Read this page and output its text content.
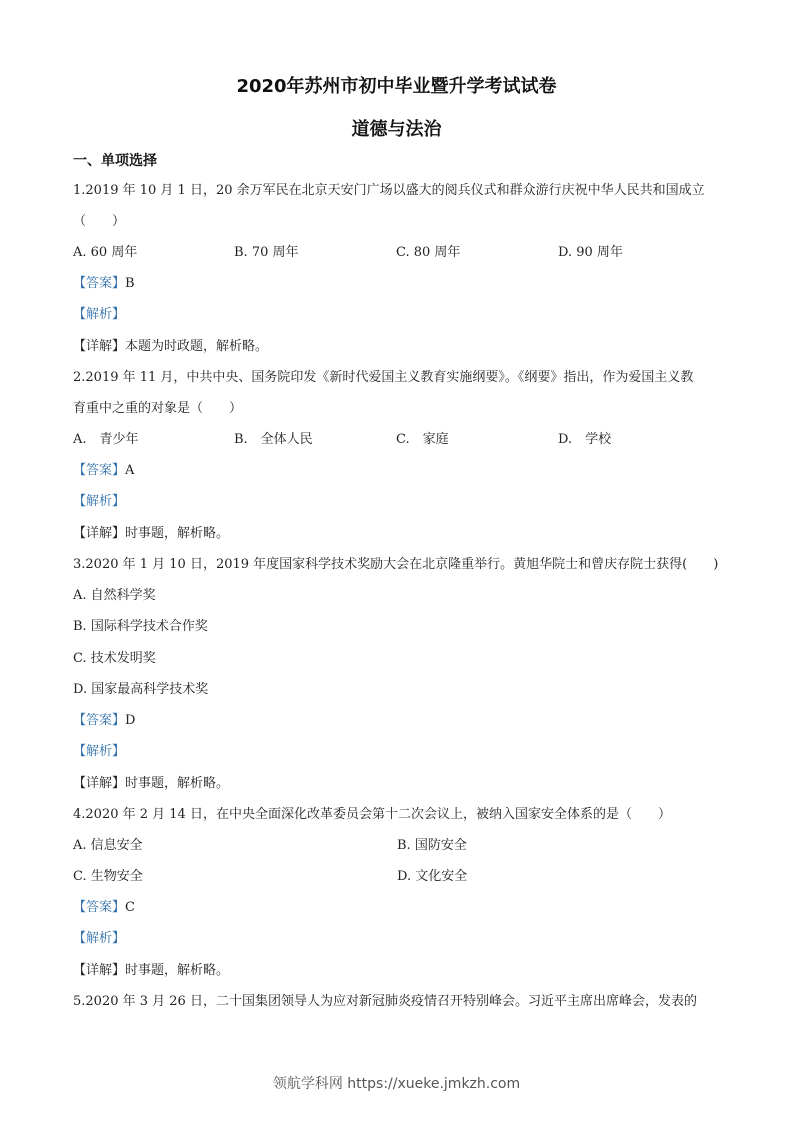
2020年苏州市初中毕业暨升学考试试卷
道德与法治
一、单项选择
1.2019 年 10 月 1 日，20 余万军民在北京天安门广场以盛大的阅兵仪式和群众游行庆祝中华人民共和国成立
（　　）
A. 60 周年	B. 70 周年	C. 80 周年	D. 90 周年
【答案】B
【解析】
【详解】本题为时政题，解析略。
2.2019 年 11 月，中共中央、国务院印发《新时代爱国主义教育实施纲要》。《纲要》指出，作为爱国主义教
育重中之重的对象是（　　）
A.　青少年	B.　全体人民	C.　家庭	D.　学校
【答案】A
【解析】
【详解】时事题，解析略。
3.2020 年 1 月 10 日，2019 年度国家科学技术奖励大会在北京隆重举行。黄旭华院士和曾庆存院士获得(　　)
A. 自然科学奖
B. 国际科学技术合作奖
C. 技术发明奖
D. 国家最高科学技术奖
【答案】D
【解析】
【详解】时事题，解析略。
4.2020 年 2 月 14 日，在中央全面深化改革委员会第十二次会议上，被纳入国家安全体系的是（　　）
A. 信息安全	B. 国防安全
C. 生物安全	D. 文化安全
【答案】C
【解析】
【详解】时事题，解析略。
5.2020 年 3 月 26 日，二十国集团领导人为应对新冠肺炎疫情召开特别峰会。习近平主席出席峰会，发表的
领航学科网 https://xueke.jmkzh.com
